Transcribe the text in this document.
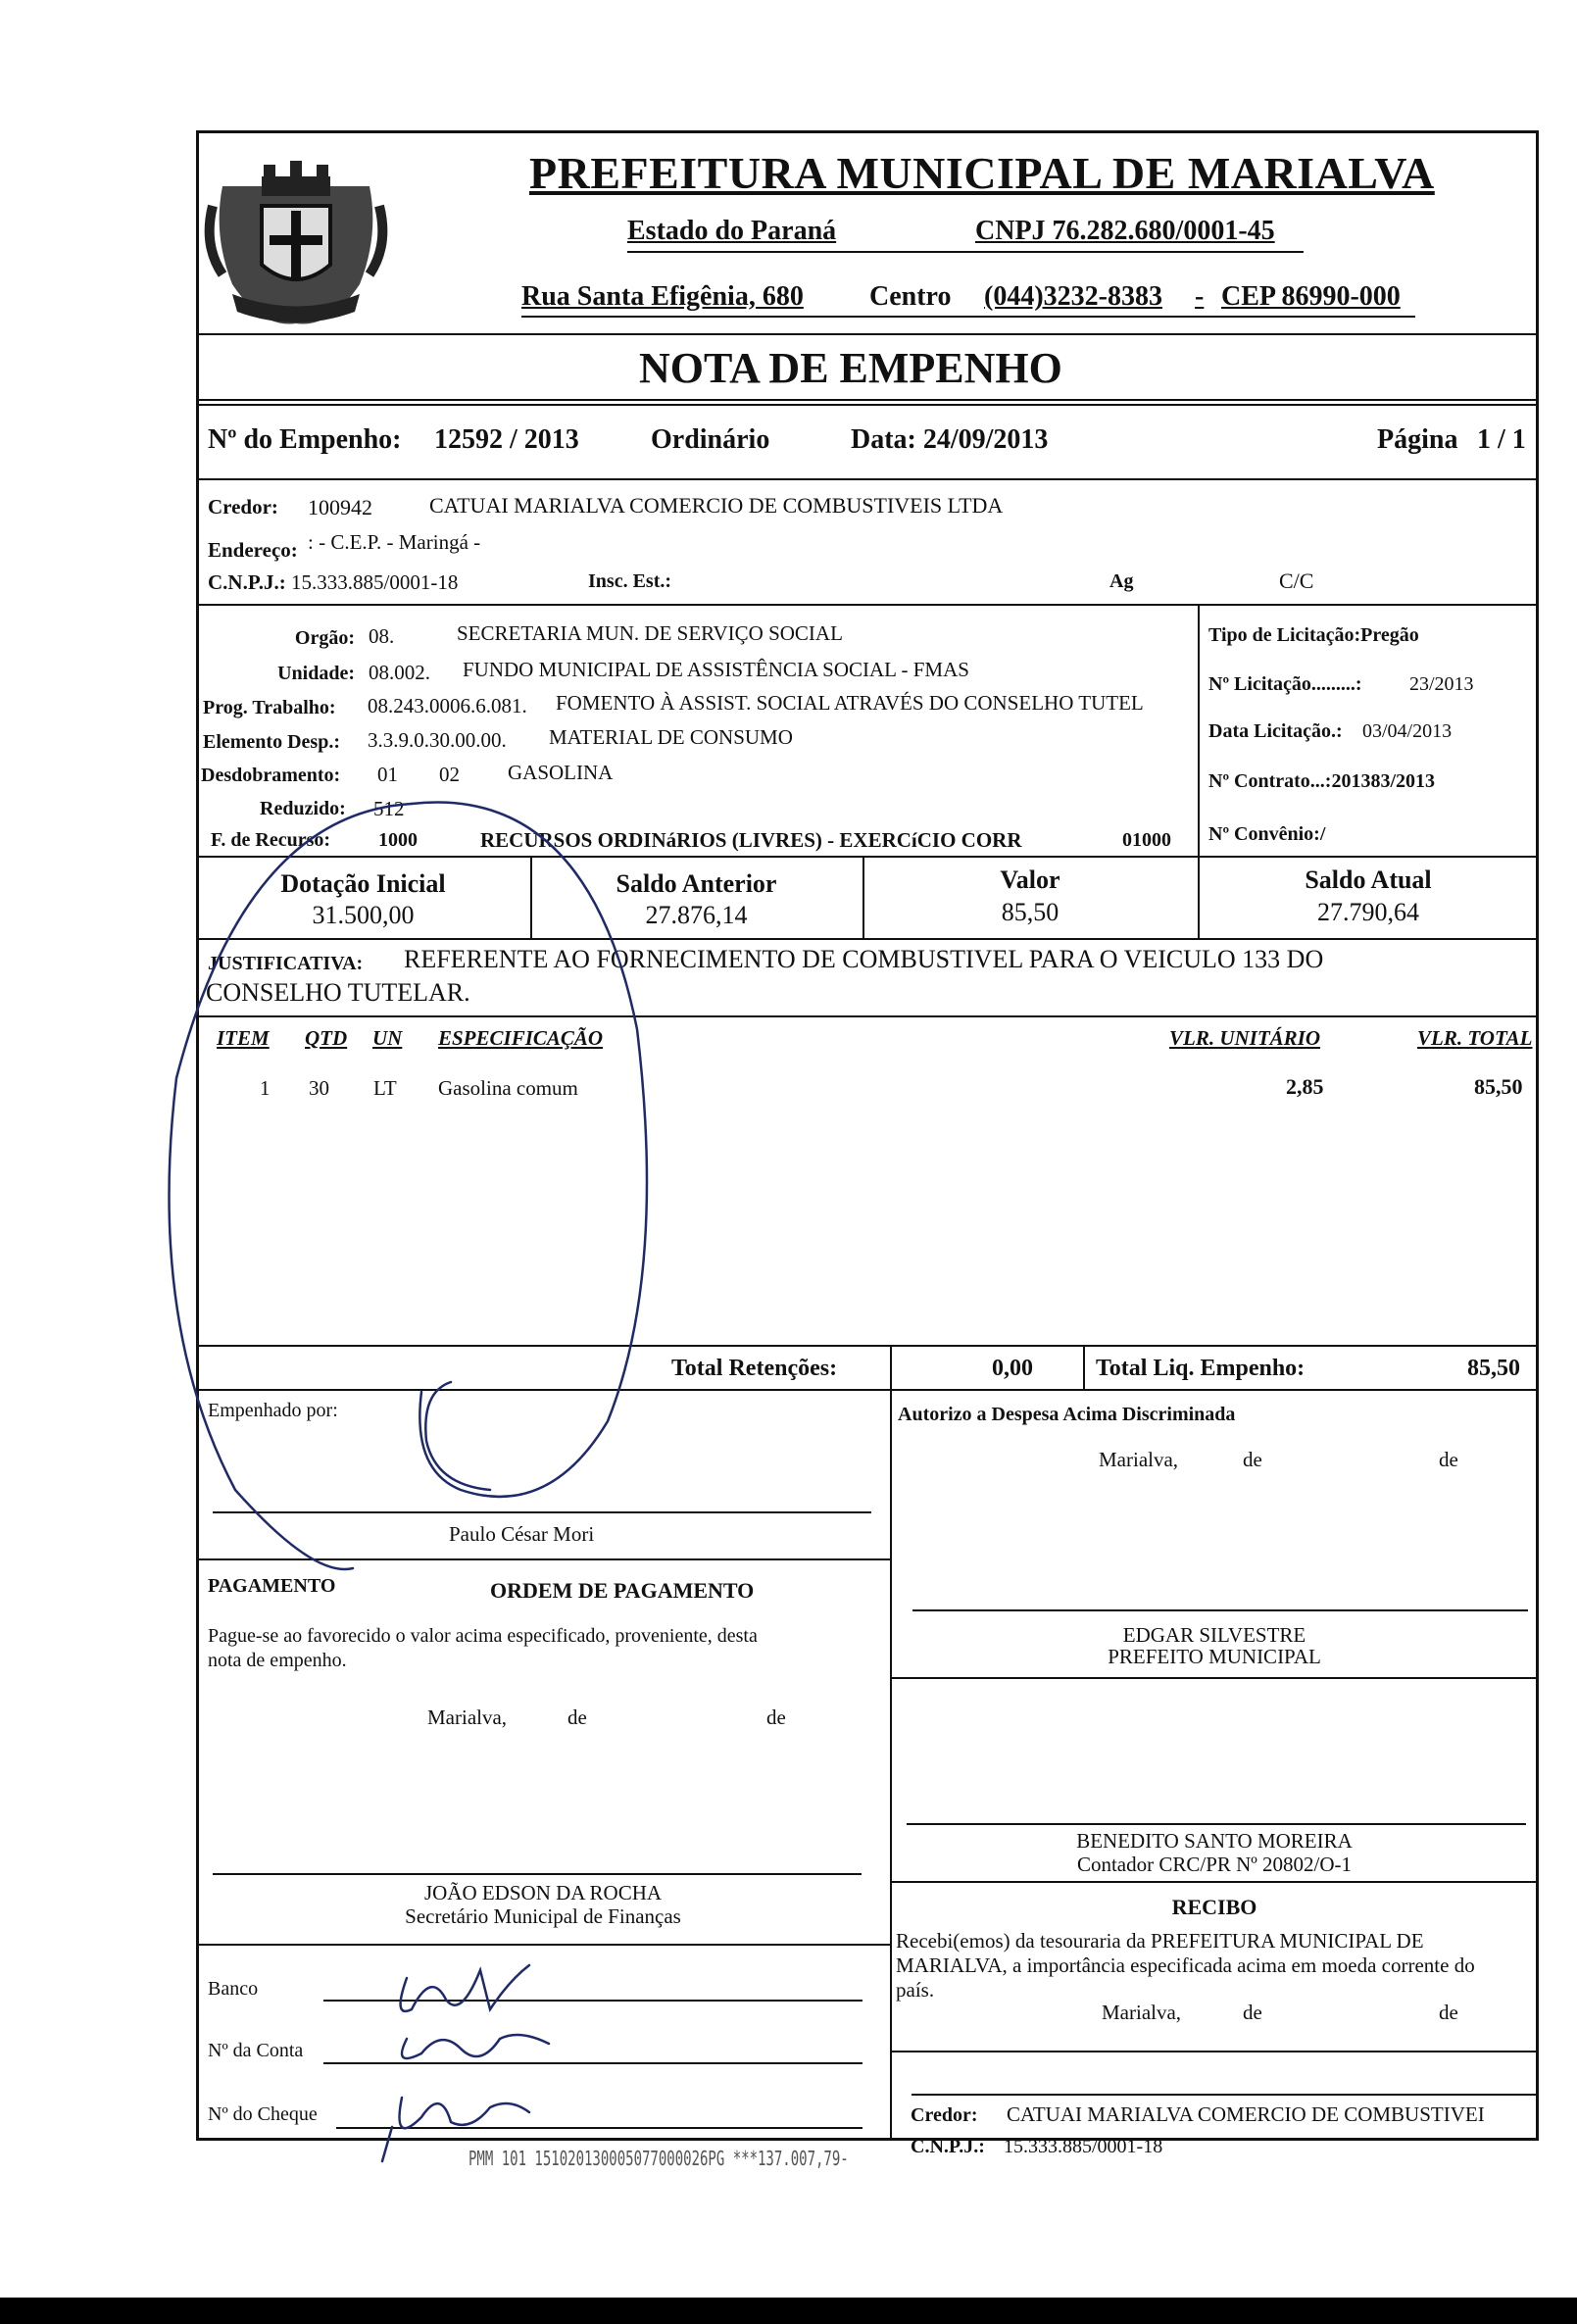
PREFEITURA MUNICIPAL DE MARIALVA
Estado do Paraná	CNPJ 76.282.680/0001-45
Rua Santa Efigênia, 680 Centro (044)3232-8383 - CEP 86990-000
NOTA DE EMPENHO
Nº do Empenho: 12592 / 2013	Ordinário	Data: 24/09/2013	Página 1 / 1
Credor: 100942	CATUAI MARIALVA COMERCIO DE COMBUSTIVEIS LTDA
Endereço: : - C.E.P. - Maringá -
C.N.P.J.: 15.333.885/0001-18	Insc. Est.:	Ag	C/C
Orgão: 08.	SECRETARIA MUN. DE SERVIÇO SOCIAL
Unidade: 08.002. FUNDO MUNICIPAL DE ASSISTÊNCIA SOCIAL - FMAS
Prog. Trabalho: 08.243.0006.6.081. FOMENTO À ASSIST. SOCIAL ATRAVÉS DO CONSELHO TUTEL
Elemento Desp.: 3.3.9.0.30.00.00. MATERIAL DE CONSUMO
Desdobramento: 01 02 GASOLINA
Reduzido: 512
F. de Recurso: 1000	RECURSOS ORDINáRIOS (LIVRES) - EXERCíCIO CORR	01000
Tipo de Licitação:Pregão
Nº Licitação.........: 23/2013
Data Licitação.: 03/04/2013
Nº Contrato...:201383/2013
Nº Convênio:/
Dotação Inicial
31.500,00
Saldo Anterior
27.876,14
Valor
85,50
Saldo Atual
27.790,64
JUSTIFICATIVA: REFERENTE AO FORNECIMENTO DE COMBUSTIVEL PARA O VEICULO 133 DO
CONSELHO TUTELAR.
ITEM QTD UN ESPECIFICAÇÃO	VLR. UNITÁRIO	VLR. TOTAL
1 30 LT Gasolina comum	2,85	85,50
Total Retenções:	0,00	Total Liq. Empenho:	85,50
Empenhado por:
Paulo César Mori
Autorizo a Despesa Acima Discriminada
Marialva,	de	de
EDGAR SILVESTRE
PREFEITO MUNICIPAL
PAGAMENTO	ORDEM DE PAGAMENTO
Pague-se ao favorecido o valor acima especificado, proveniente, desta
nota de empenho.
Marialva,	de	de
JOÃO EDSON DA ROCHA
Secretário Municipal de Finanças
BENEDITO SANTO MOREIRA
Contador CRC/PR Nº 20802/O-1
RECIBO
Recebi(emos) da tesouraria da PREFEITURA MUNICIPAL DE
MARIALVA, a importância especificada acima em moeda corrente do
país.
Marialva,	de	de
Credor: CATUAI MARIALVA COMERCIO DE COMBUSTIVEI
C.N.P.J.: 15.333.885/0001-18
Banco
Nº da Conta
Nº do Cheque
PMM 101 151020130005077000026PG ***137.007,79-
